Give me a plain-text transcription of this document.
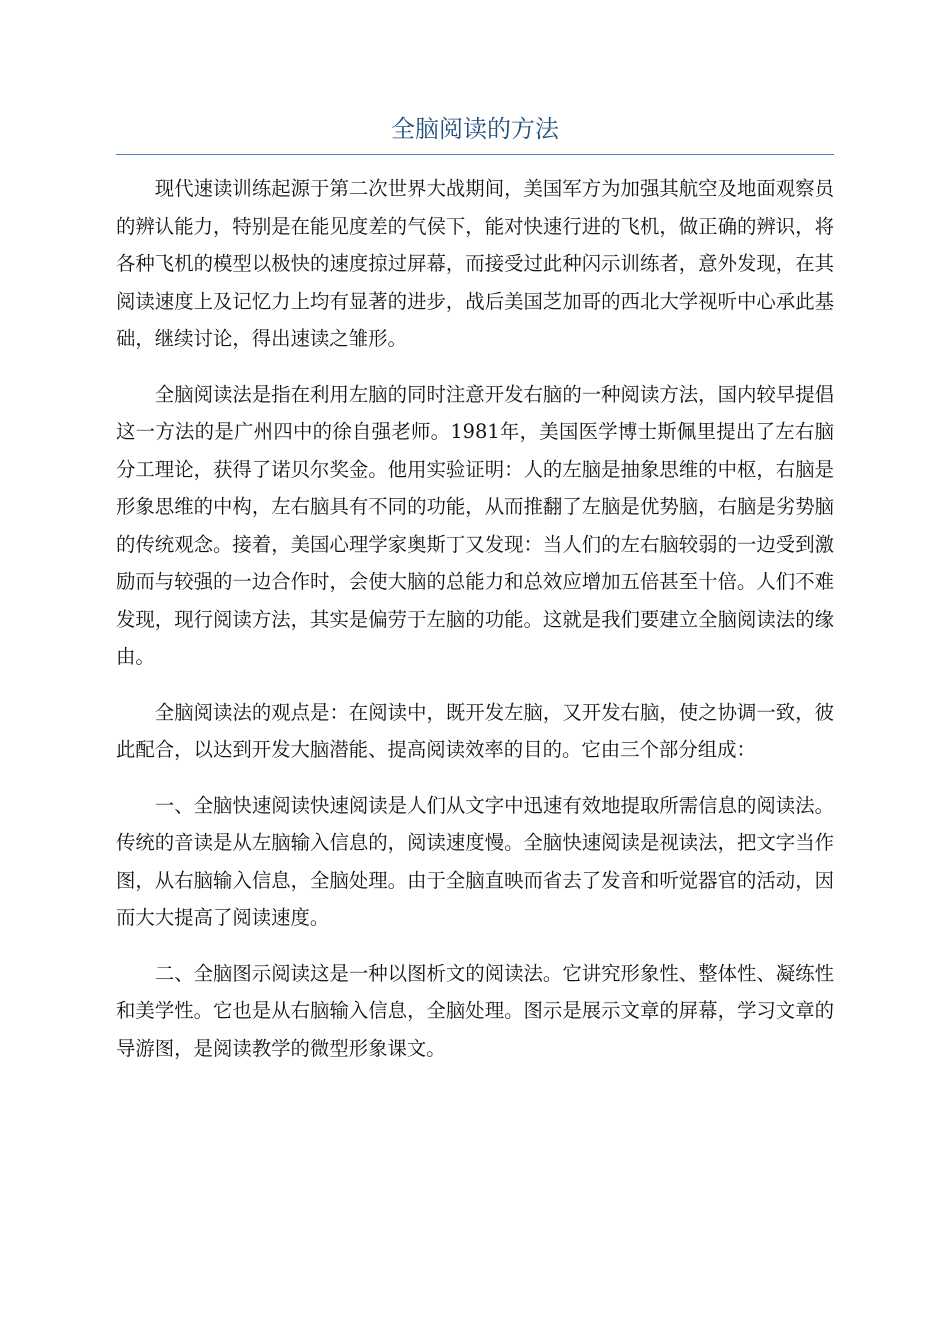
全脑阅读的方法

现代速读训练起源于第二次世界大战期间，美国军方为加强其航空及地面观察员的辨认能力，特别是在能见度差的气侯下，能对快速行进的飞机，做正确的辨识，将各种飞机的模型以极快的速度掠过屏幕，而接受过此种闪示训练者，意外发现，在其阅读速度上及记忆力上均有显著的进步，战后美国芝加哥的西北大学视听中心承此基础，继续讨论，得出速读之雏形。

全脑阅读法是指在利用左脑的同时注意开发右脑的一种阅读方法，国内较早提倡这一方法的是广州四中的徐自强老师。1981年，美国医学博士斯佩里提出了左右脑分工理论，获得了诺贝尔奖金。他用实验证明：人的左脑是抽象思维的中枢，右脑是形象思维的中构，左右脑具有不同的功能，从而推翻了左脑是优势脑，右脑是劣势脑的传统观念。接着，美国心理学家奥斯丁又发现：当人们的左右脑较弱的一边受到激励而与较强的一边合作时，会使大脑的总能力和总效应增加五倍甚至十倍。人们不难发现，现行阅读方法，其实是偏劳于左脑的功能。这就是我们要建立全脑阅读法的缘由。

全脑阅读法的观点是：在阅读中，既开发左脑，又开发右脑，使之协调一致，彼此配合，以达到开发大脑潜能、提高阅读效率的目的。它由三个部分组成：

一、全脑快速阅读快速阅读是人们从文字中迅速有效地提取所需信息的阅读法。传统的音读是从左脑输入信息的，阅读速度慢。全脑快速阅读是视读法，把文字当作图，从右脑输入信息，全脑处理。由于全脑直映而省去了发音和听觉器官的活动，因而大大提高了阅读速度。

二、全脑图示阅读这是一种以图析文的阅读法。它讲究形象性、整体性、凝练性和美学性。它也是从右脑输入信息，全脑处理。图示是展示文章的屏幕，学习文章的导游图，是阅读教学的微型形象课文。
